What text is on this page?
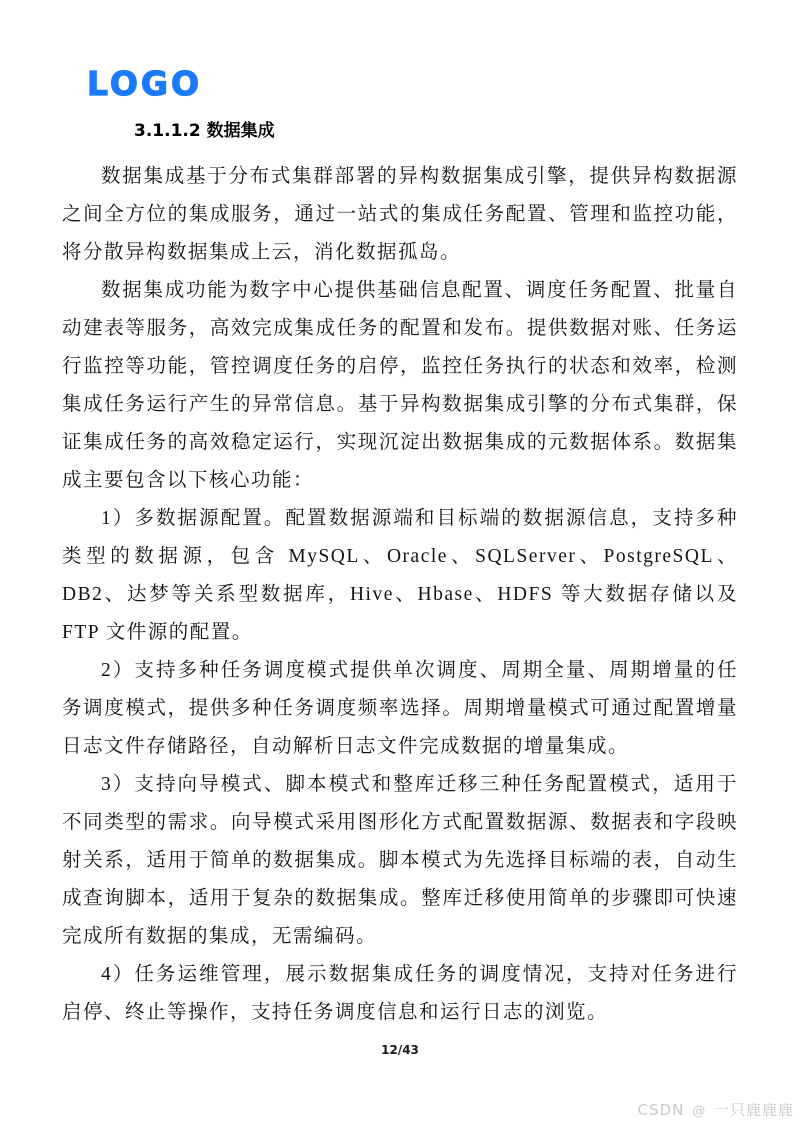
LOGO
3.1.1.2 数据集成

数据集成基于分布式集群部署的异构数据集成引擎，提供异构数据源之间全方位的集成服务，通过一站式的集成任务配置、管理和监控功能，将分散异构数据集成上云，消化数据孤岛。

数据集成功能为数字中心提供基础信息配置、调度任务配置、批量自动建表等服务，高效完成集成任务的配置和发布。提供数据对账、任务运行监控等功能，管控调度任务的启停，监控任务执行的状态和效率，检测集成任务运行产生的异常信息。基于异构数据集成引擎的分布式集群，保证集成任务的高效稳定运行，实现沉淀出数据集成的元数据体系。数据集成主要包含以下核心功能：

1）多数据源配置。配置数据源端和目标端的数据源信息，支持多种类型的数据源，包含 MySQL、Oracle、SQLServer、PostgreSQL、DB2、达梦等关系型数据库，Hive、Hbase、HDFS 等大数据存储以及 FTP 文件源的配置。

2）支持多种任务调度模式提供单次调度、周期全量、周期增量的任务调度模式，提供多种任务调度频率选择。周期增量模式可通过配置增量日志文件存储路径，自动解析日志文件完成数据的增量集成。

3）支持向导模式、脚本模式和整库迁移三种任务配置模式，适用于不同类型的需求。向导模式采用图形化方式配置数据源、数据表和字段映射关系，适用于简单的数据集成。脚本模式为先选择目标端的表，自动生成查询脚本，适用于复杂的数据集成。整库迁移使用简单的步骤即可快速完成所有数据的集成，无需编码。

4）任务运维管理，展示数据集成任务的调度情况，支持对任务进行启停、终止等操作，支持任务调度信息和运行日志的浏览。

12/43
CSDN @ 一只鹿鹿鹿
